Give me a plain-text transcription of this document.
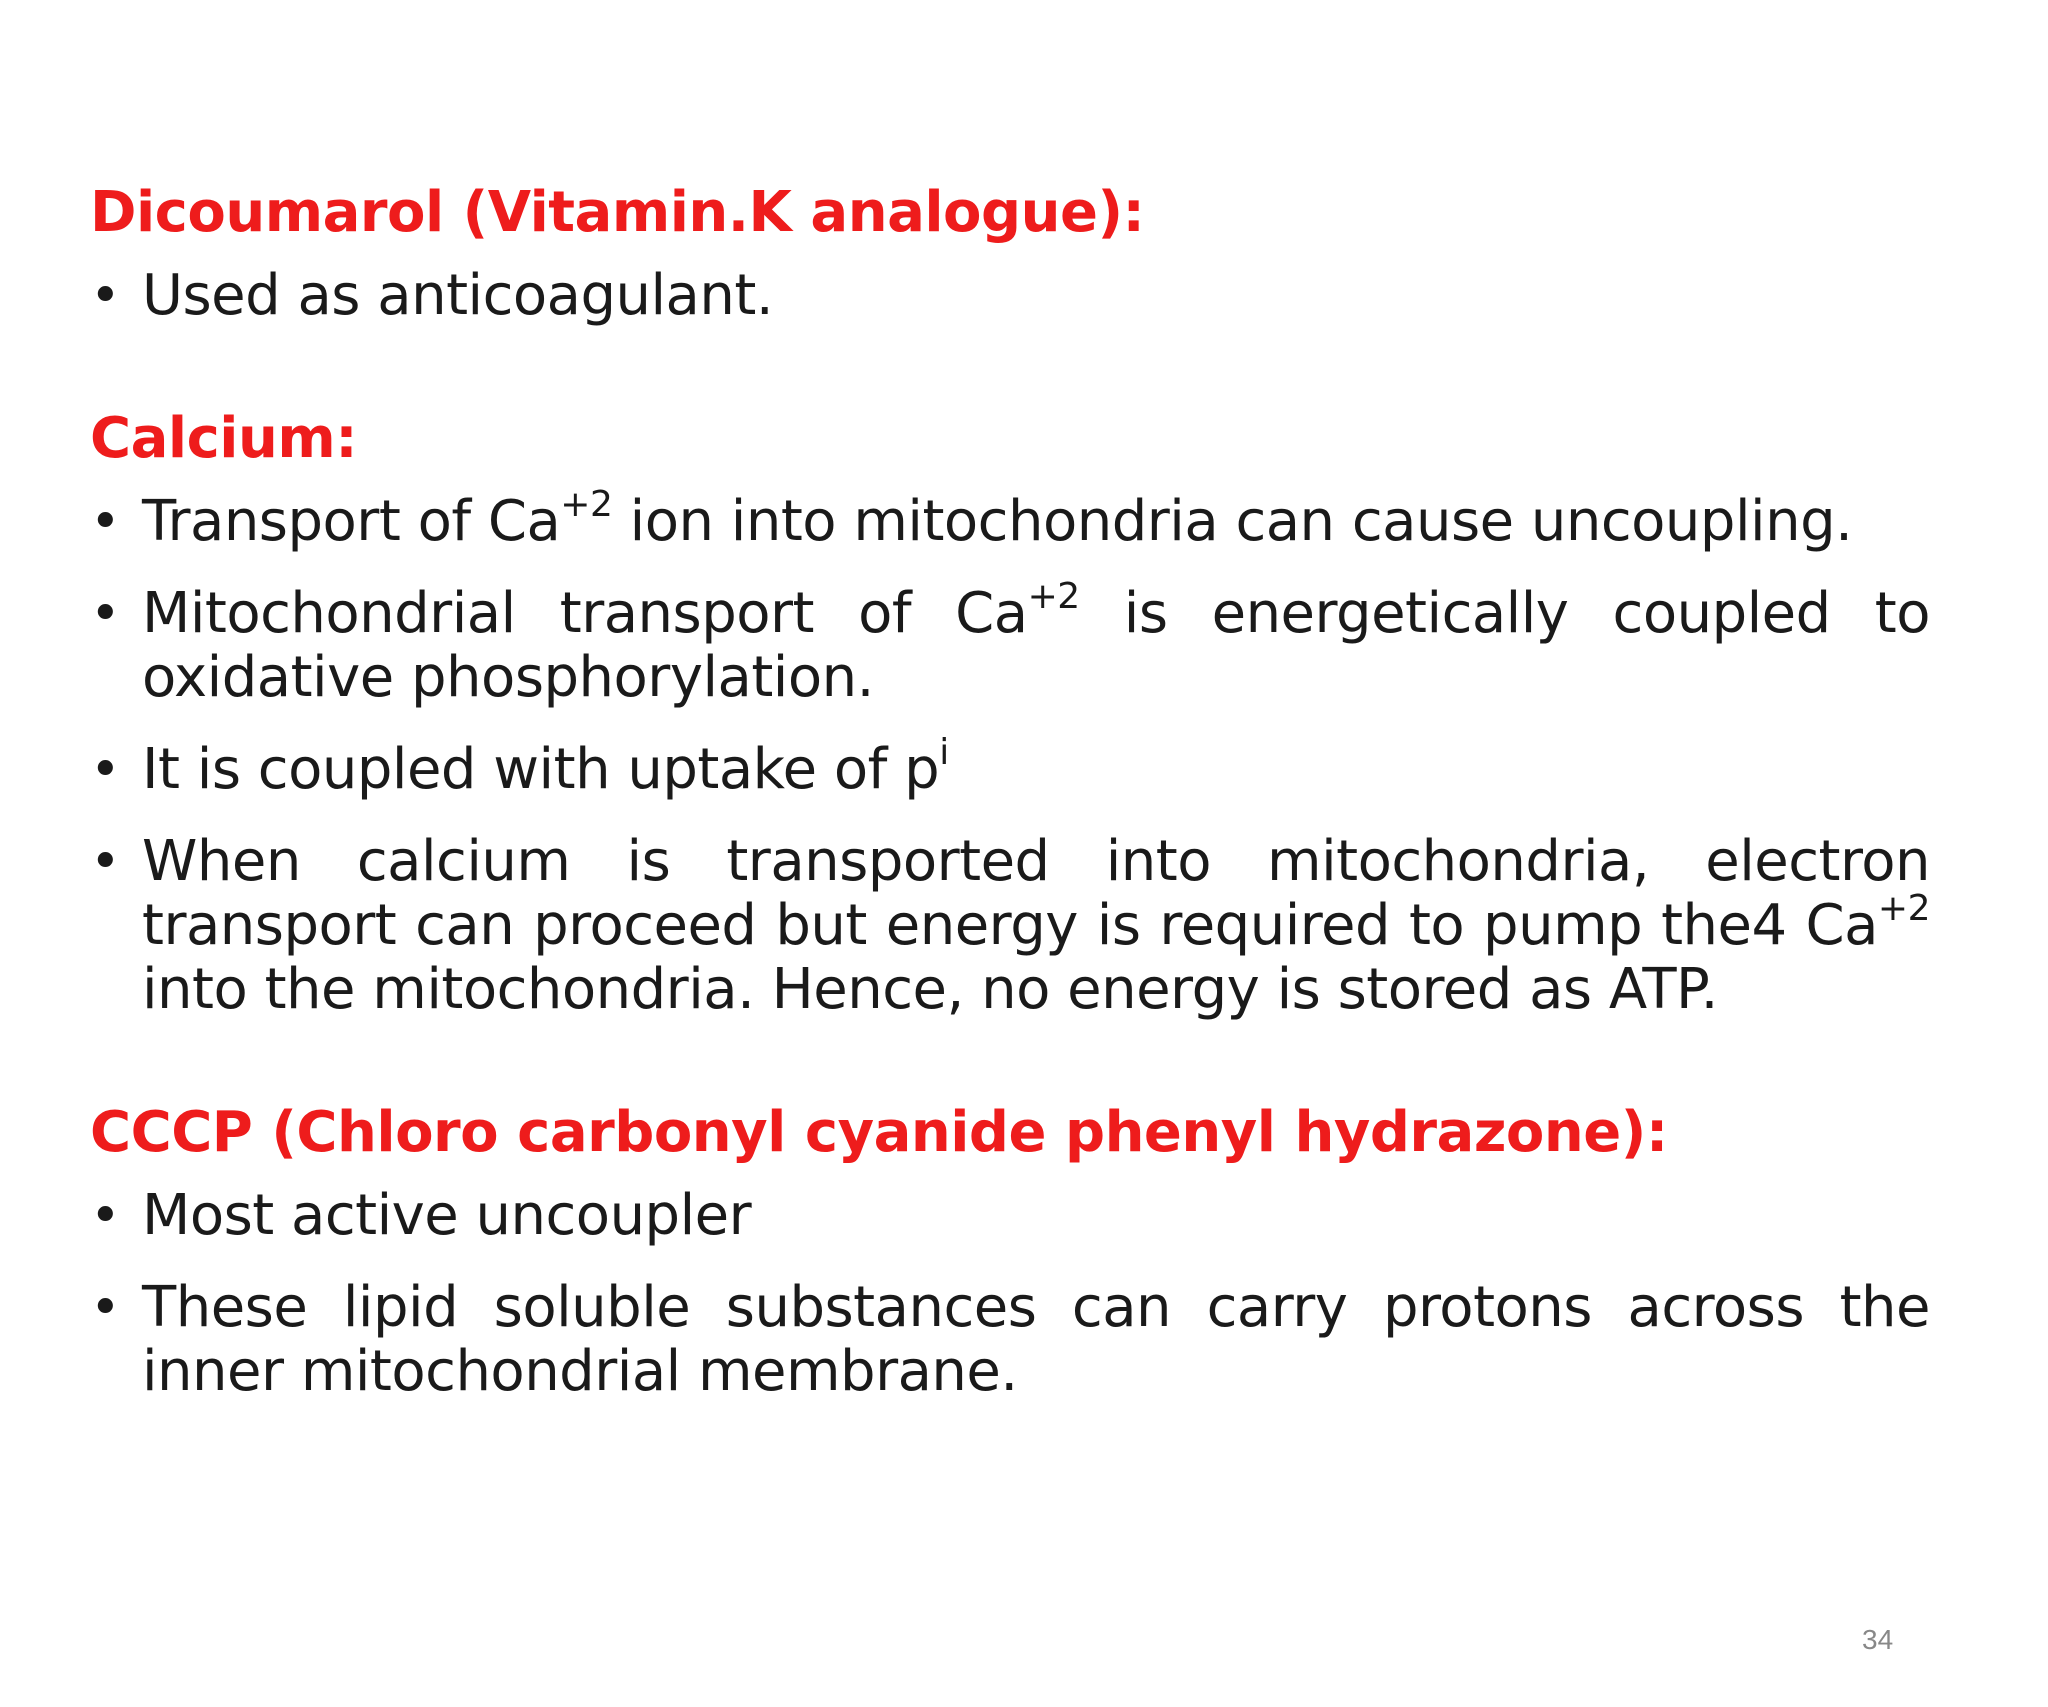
Dicoumarol (Vitamin.K analogue):
• Used as anticoagulant.
Calcium:
• Transport of $Ca^{+2}$ ion into mitochondria can cause uncoupling.
• Mitochondrial transport of $Ca^{+2}$ is energetically coupled to oxidative phosphorylation.
• It is coupled with uptake of $p^i$
• When calcium is transported into mitochondria, electron transport can proceed but energy is required to pump the4 $Ca^{+2}$ into the mitochondria. Hence, no energy is stored as ATP.
CCCP (Chloro carbonyl cyanide phenyl hydrazone):
• Most active uncoupler
• These lipid soluble substances can carry protons across the inner mitochondrial membrane.
34
